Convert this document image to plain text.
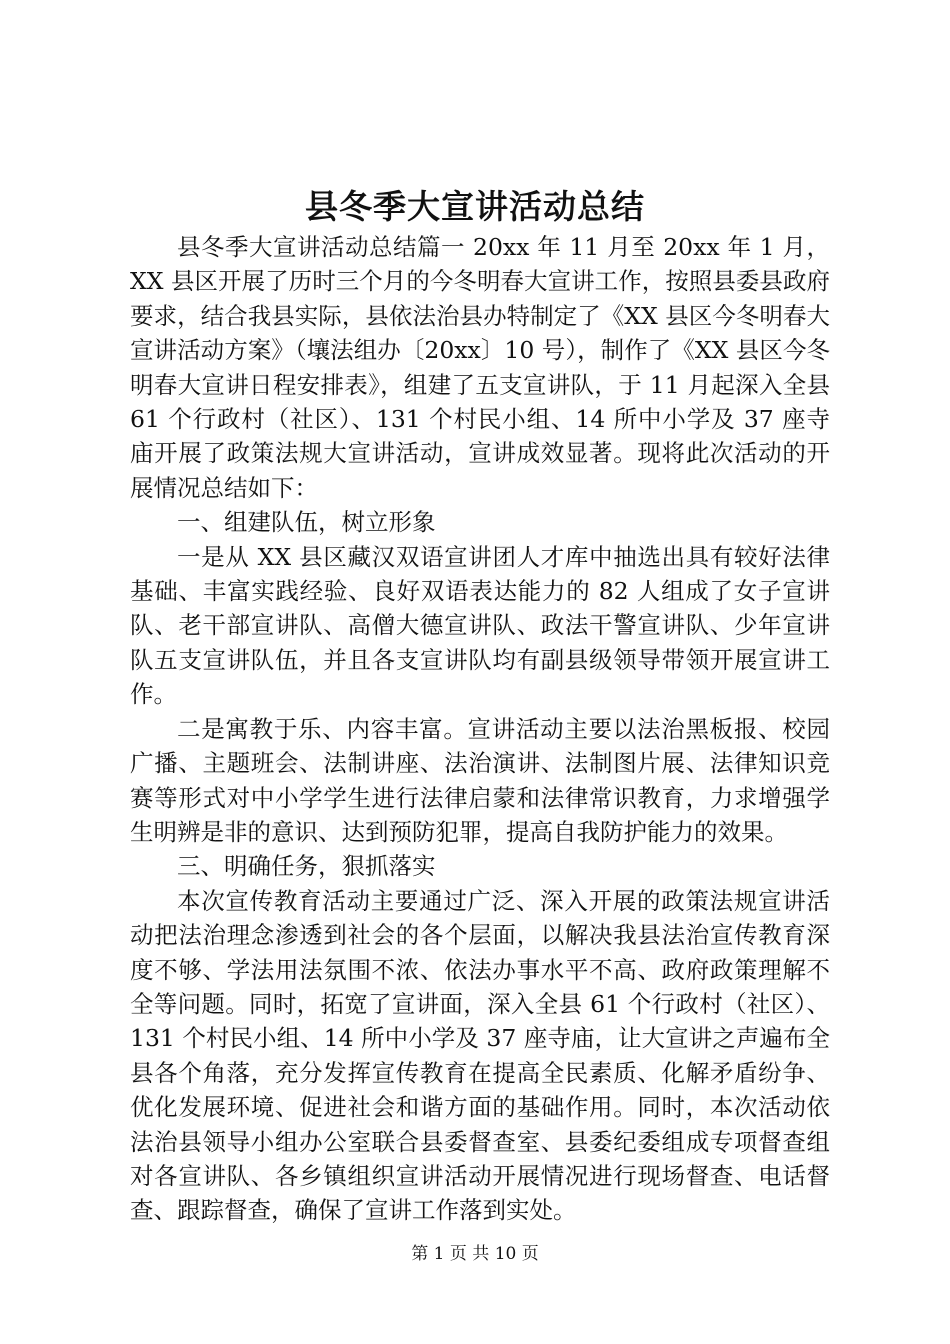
县冬季大宣讲活动总结

县冬季大宣讲活动总结篇一 20xx 年 11 月至 20xx 年 1 月，XX 县区开展了历时三个月的今冬明春大宣讲工作，按照县委县政府要求，结合我县实际，县依法治县办特制定了《XX 县区今冬明春大宣讲活动方案》（壤法组办〔20xx〕10 号），制作了《XX 县区今冬明春大宣讲日程安排表》，组建了五支宣讲队，于 11 月起深入全县 61 个行政村（社区）、131 个村民小组、14 所中小学及 37 座寺庙开展了政策法规大宣讲活动，宣讲成效显著。现将此次活动的开展情况总结如下：

一、组建队伍，树立形象

一是从 XX 县区藏汉双语宣讲团人才库中抽选出具有较好法律基础、丰富实践经验、良好双语表达能力的 82 人组成了女子宣讲队、老干部宣讲队、高僧大德宣讲队、政法干警宣讲队、少年宣讲队五支宣讲队伍，并且各支宣讲队均有副县级领导带领开展宣讲工作。

二是寓教于乐、内容丰富。宣讲活动主要以法治黑板报、校园广播、主题班会、法制讲座、法治演讲、法制图片展、法律知识竞赛等形式对中小学学生进行法律启蒙和法律常识教育，力求增强学生明辨是非的意识、达到预防犯罪，提高自我防护能力的效果。

三、明确任务，狠抓落实

本次宣传教育活动主要通过广泛、深入开展的政策法规宣讲活动把法治理念渗透到社会的各个层面，以解决我县法治宣传教育深度不够、学法用法氛围不浓、依法办事水平不高、政府政策理解不全等问题。同时，拓宽了宣讲面，深入全县 61 个行政村（社区）、131 个村民小组、14 所中小学及 37 座寺庙，让大宣讲之声遍布全县各个角落，充分发挥宣传教育在提高全民素质、化解矛盾纷争、优化发展环境、促进社会和谐方面的基础作用。同时，本次活动依法治县领导小组办公室联合县委督查室、县委纪委组成专项督查组对各宣讲队、各乡镇组织宣讲活动开展情况进行现场督查、电话督查、跟踪督查，确保了宣讲工作落到实处。

第 1 页 共 10 页
